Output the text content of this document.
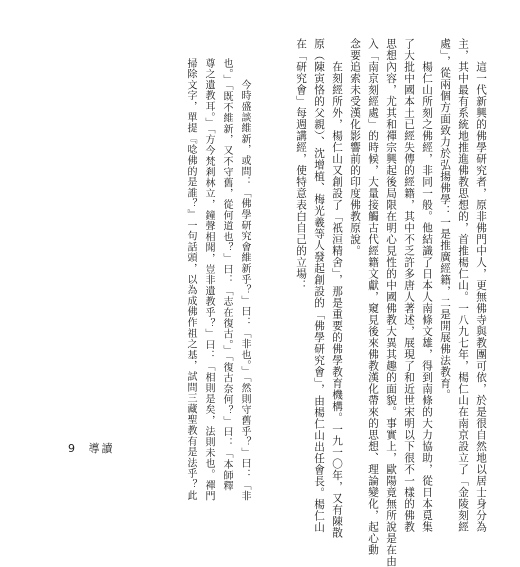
　　這一代新興的佛學研究者，原非佛門中人，更無佛寺與教團可依，於是很自然地以居士身分為
主，其中最有系統地推進佛教思想的，首推楊仁山。一八九七年，楊仁山在南京設立了「金陵刻經
處」，從兩個方面致力於弘揚佛學：一是推廣經籍，二是開展佛法教育。
　　楊仁山所刻之佛經，非同一般。他結識了日本人南條文雄，得到南條的大力協助，從日本覓集
了大批中國本土已經失傳的經籍，其中不乏許多唐人著述，展現了和近世宋明以下很不一樣的佛教
思想內容，尤其和禪宗興起後局限在明心見性的中國佛教大異其趣的面貌。事實上，歐陽竟無所說是在由
入「南京刻經處」的時候，大量接觸古代經籍文獻，窺見後來佛教漢化帶來的思想、理論變化，起心動
念要追索未受漢化影響前的印度佛教原說。
　　在刻經所外，楊仁山又創設了「祇洹精舍」，那是重要的佛學教育機構。一九一〇年，又有陳散
原（陳寅恪的父親）、沈增植、梅光羲等人發起創設的「佛學研究會」，由楊仁山出任會長。楊仁山
在「研究會」每週講經，使特意表白自己的立場：
　　今時盛談維新，或問：「佛學研究會維新乎？」曰：「非也。」「然則守舊乎？」曰：「非
也。」「既不維新，又不守舊，從何道也？」曰：「志在復古。」「復古奈何？」曰：「本師釋
尊之遺教耳。」「方今梵剎林立，鐘聲相聞，豈非遺教乎？」曰：「相則是矣，法則未也。禪門
掃除文字，單提『唸佛的是誰？』一句話頭，以為成佛作祖之基，試問三藏聖教有是法乎？此
9 導讀
